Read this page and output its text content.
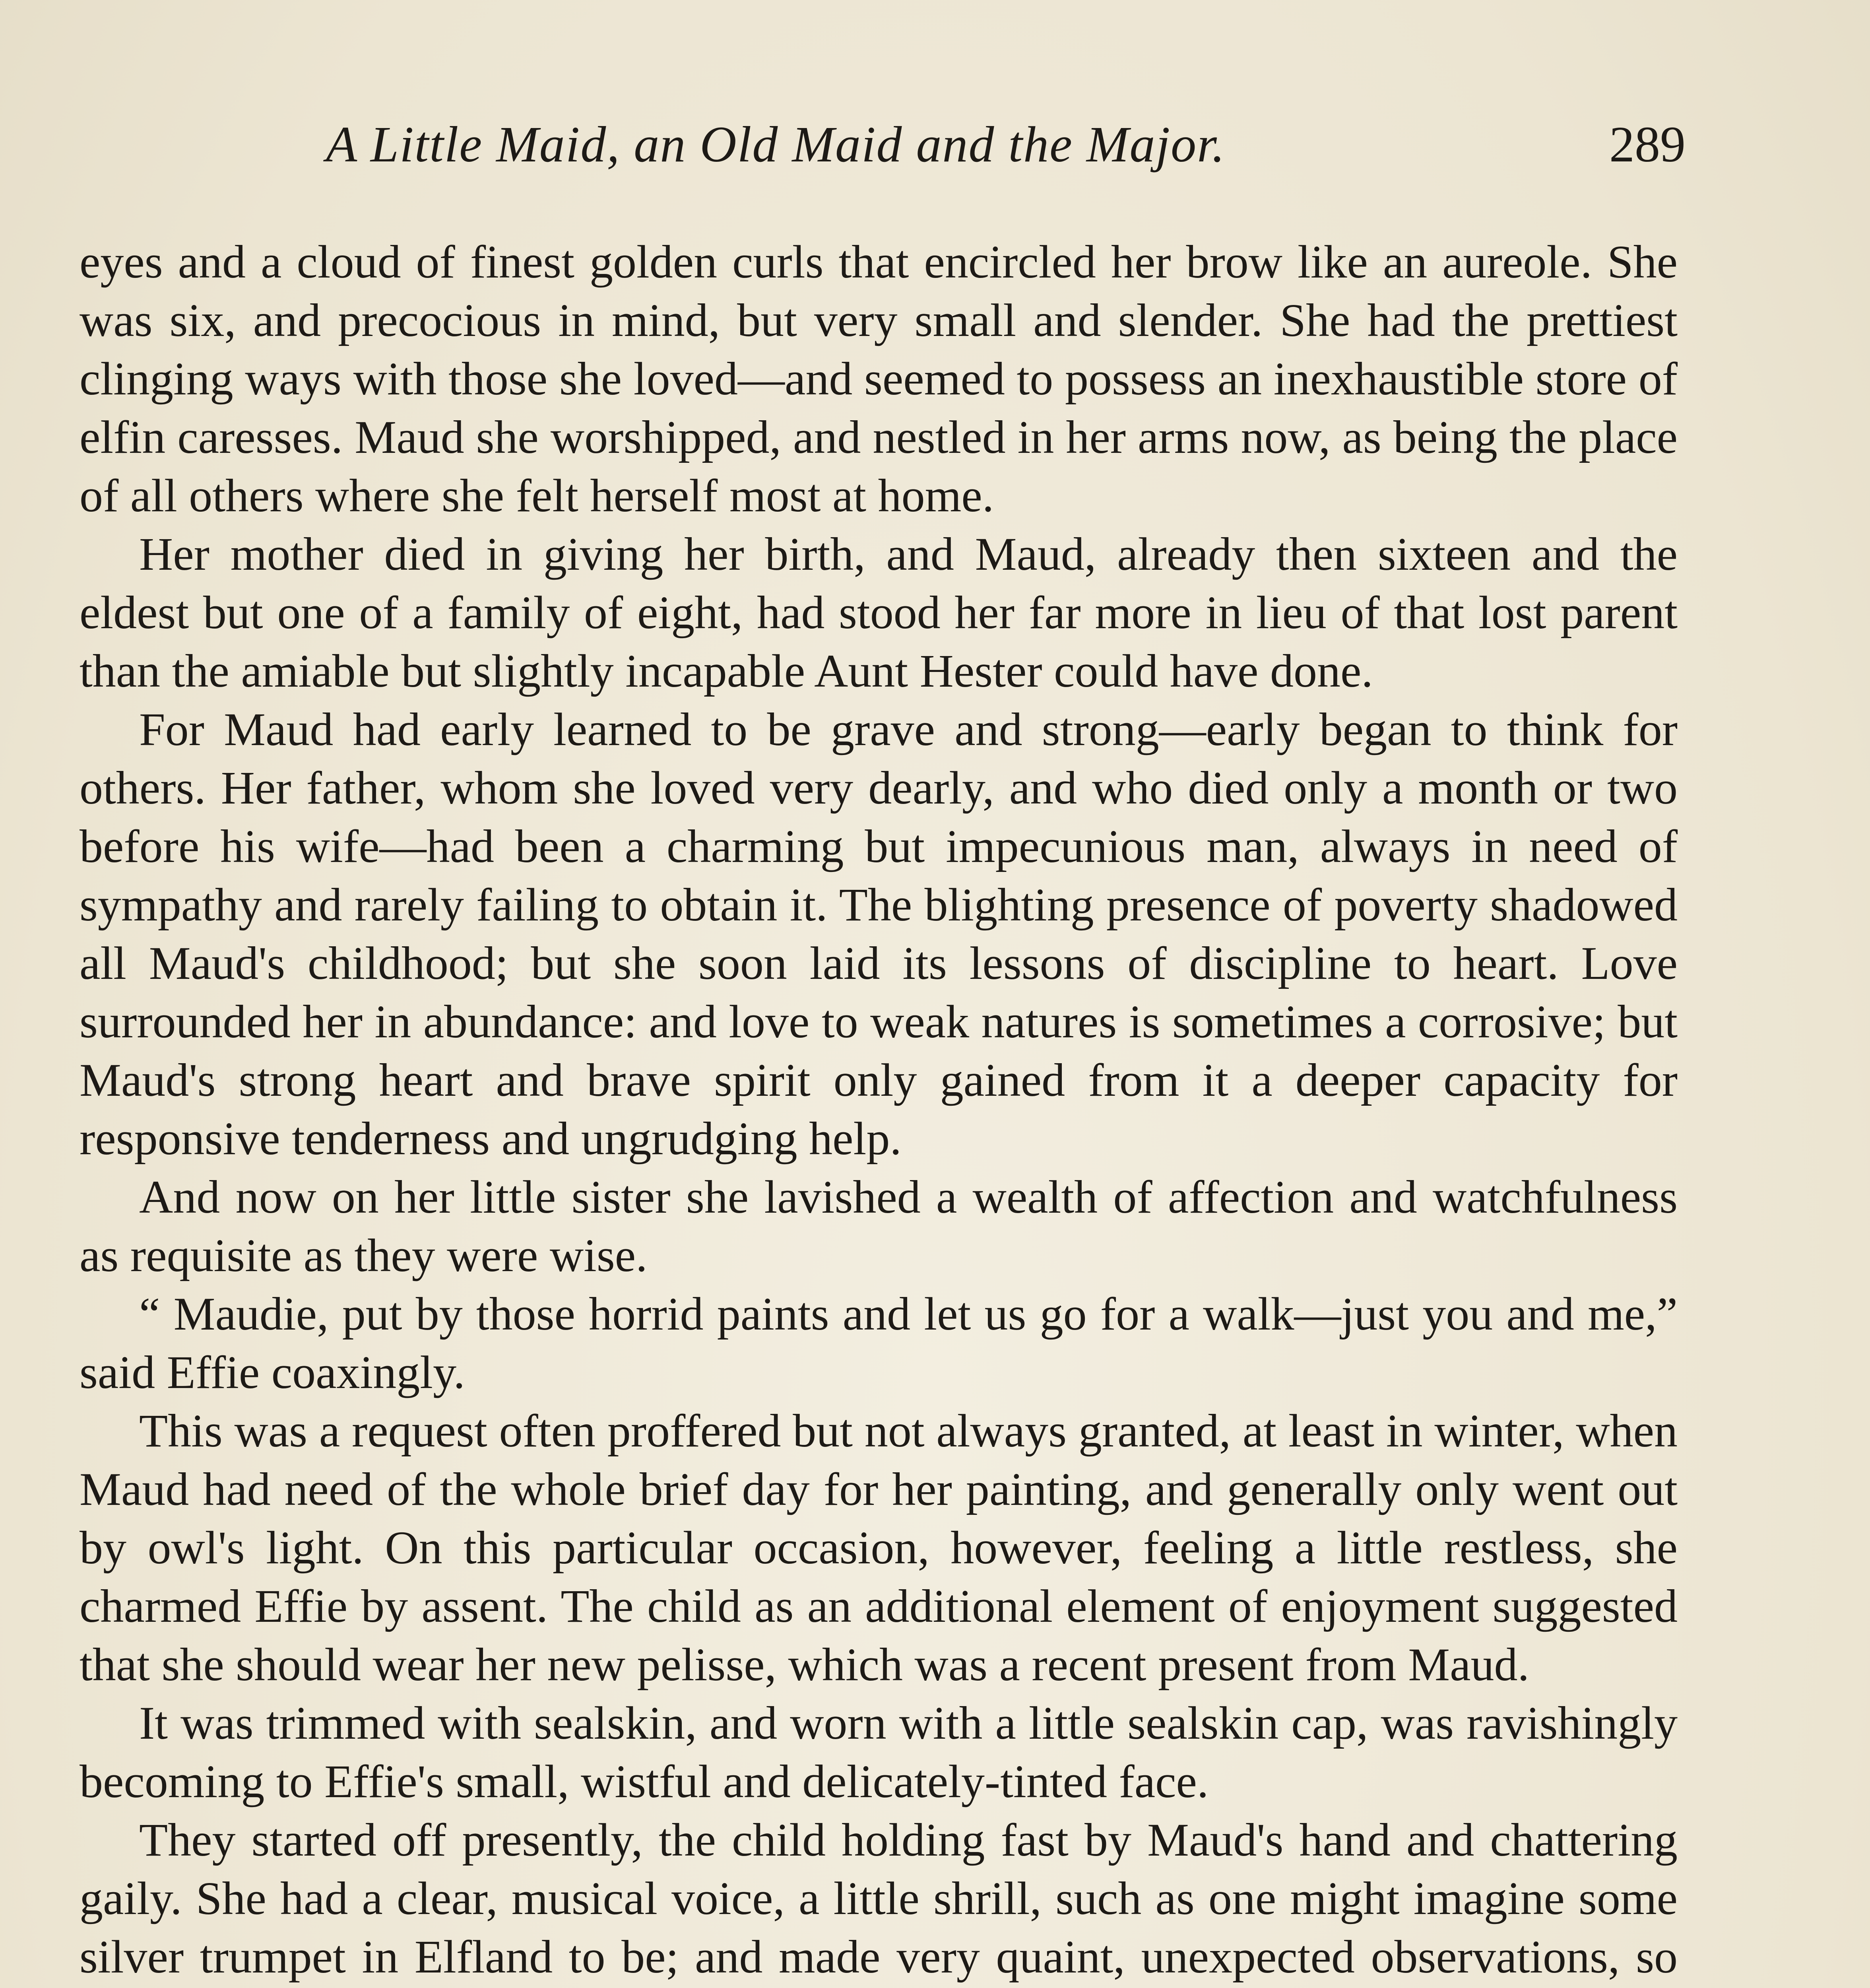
A Little Maid, an Old Maid and the Major.	289

eyes and a cloud of finest golden curls that encircled her brow like an aureole. She was six, and precocious in mind, but very small and slender. She had the prettiest clinging ways with those she loved—and seemed to possess an inexhaustible store of elfin caresses. Maud she worshipped, and nestled in her arms now, as being the place of all others where she felt herself most at home.

Her mother died in giving her birth, and Maud, already then sixteen and the eldest but one of a family of eight, had stood her far more in lieu of that lost parent than the amiable but slightly incapable Aunt Hester could have done.

For Maud had early learned to be grave and strong—early began to think for others. Her father, whom she loved very dearly, and who died only a month or two before his wife—had been a charming but impecunious man, always in need of sympathy and rarely failing to obtain it. The blighting presence of poverty shadowed all Maud's childhood; but she soon laid its lessons of discipline to heart. Love surrounded her in abundance: and love to weak natures is sometimes a corrosive; but Maud's strong heart and brave spirit only gained from it a deeper capacity for responsive tenderness and ungrudging help.

And now on her little sister she lavished a wealth of affection and watchfulness as requisite as they were wise.

“ Maudie, put by those horrid paints and let us go for a walk—just you and me,” said Effie coaxingly.

This was a request often proffered but not always granted, at least in winter, when Maud had need of the whole brief day for her painting, and generally only went out by owl's light. On this particular occasion, however, feeling a little restless, she charmed Effie by assent. The child as an additional element of enjoyment suggested that she should wear her new pelisse, which was a recent present from Maud.

It was trimmed with sealskin, and worn with a little sealskin cap, was ravishingly becoming to Effie's small, wistful and delicately-tinted face.

They started off presently, the child holding fast by Maud's hand and chattering gaily. She had a clear, musical voice, a little shrill, such as one might imagine some silver trumpet in Elfland to be; and made very quaint, unexpected observations, so
